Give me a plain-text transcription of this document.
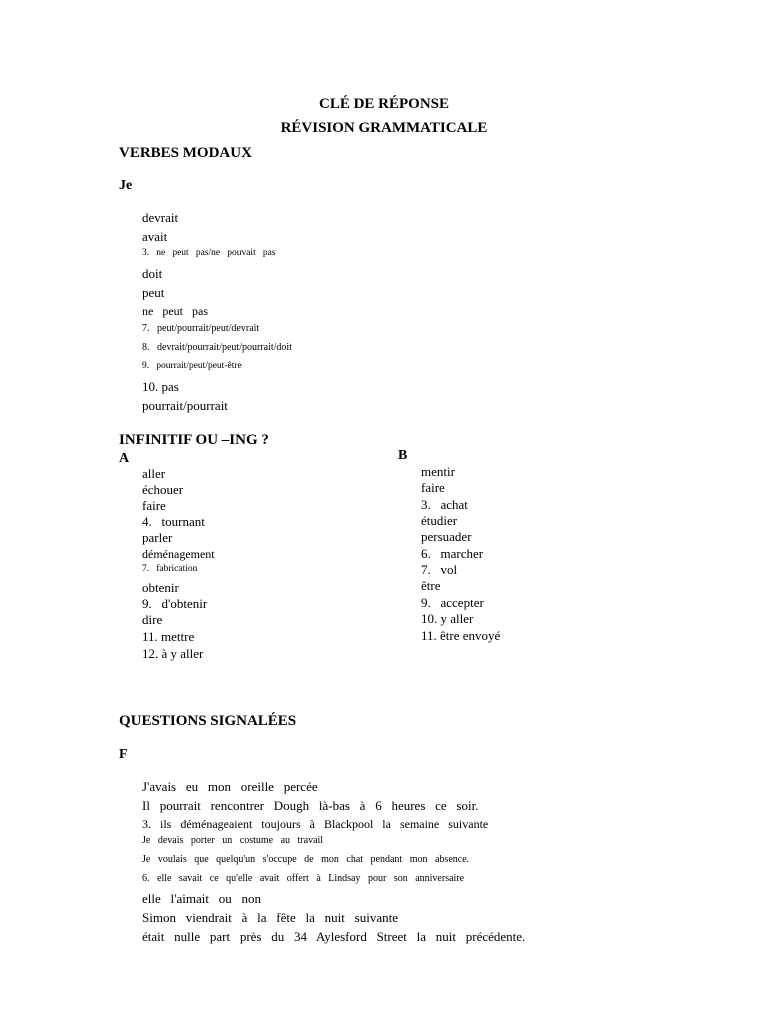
CLÉ DE RÉPONSE
RÉVISION GRAMMATICALE
VERBES MODAUX
Je
devrait
avait
3.   ne   peut   pas/ne   pouvait   pas
doit
peut
ne   peut   pas
7.   peut/pourrait/peut/devrait
8.   devrait/pourrait/peut/pourrait/doit
9.   pourrait/peut/peut-être
10. pas
pourrait/pourrait
INFINITIF OU –ING ?
A	B
aller
échouer
faire
4.   tournant
parler
déménagement
7.   fabrication
obtenir
9.   d'obtenir
dire
11. mettre
12. à y aller
mentir
faire
3.   achat
étudier
persuader
6.   marcher
7.   vol
être
9.   accepter
10. y aller
11. être envoyé
QUESTIONS SIGNALÉES
F
J'avais   eu   mon   oreille   percée
Il   pourrait   rencontrer   Dough   là-bas   à   6   heures   ce   soir.
3.   ils   déménageaient   toujours   à   Blackpool   la   semaine   suivante
Je   devais   porter   un   costume   au   travail
Je   voulais   que   quelqu'un   s'occupe   de   mon   chat   pendant   mon   absence.
6.   elle   savait   ce   qu'elle   avait   offert   à   Lindsay   pour   son   anniversaire
elle   l'aimait   ou   non
Simon   viendrait   à   la   fête   la   nuit   suivante
était   nulle   part   près   du   34   Aylesford   Street   la   nuit   précédente.
